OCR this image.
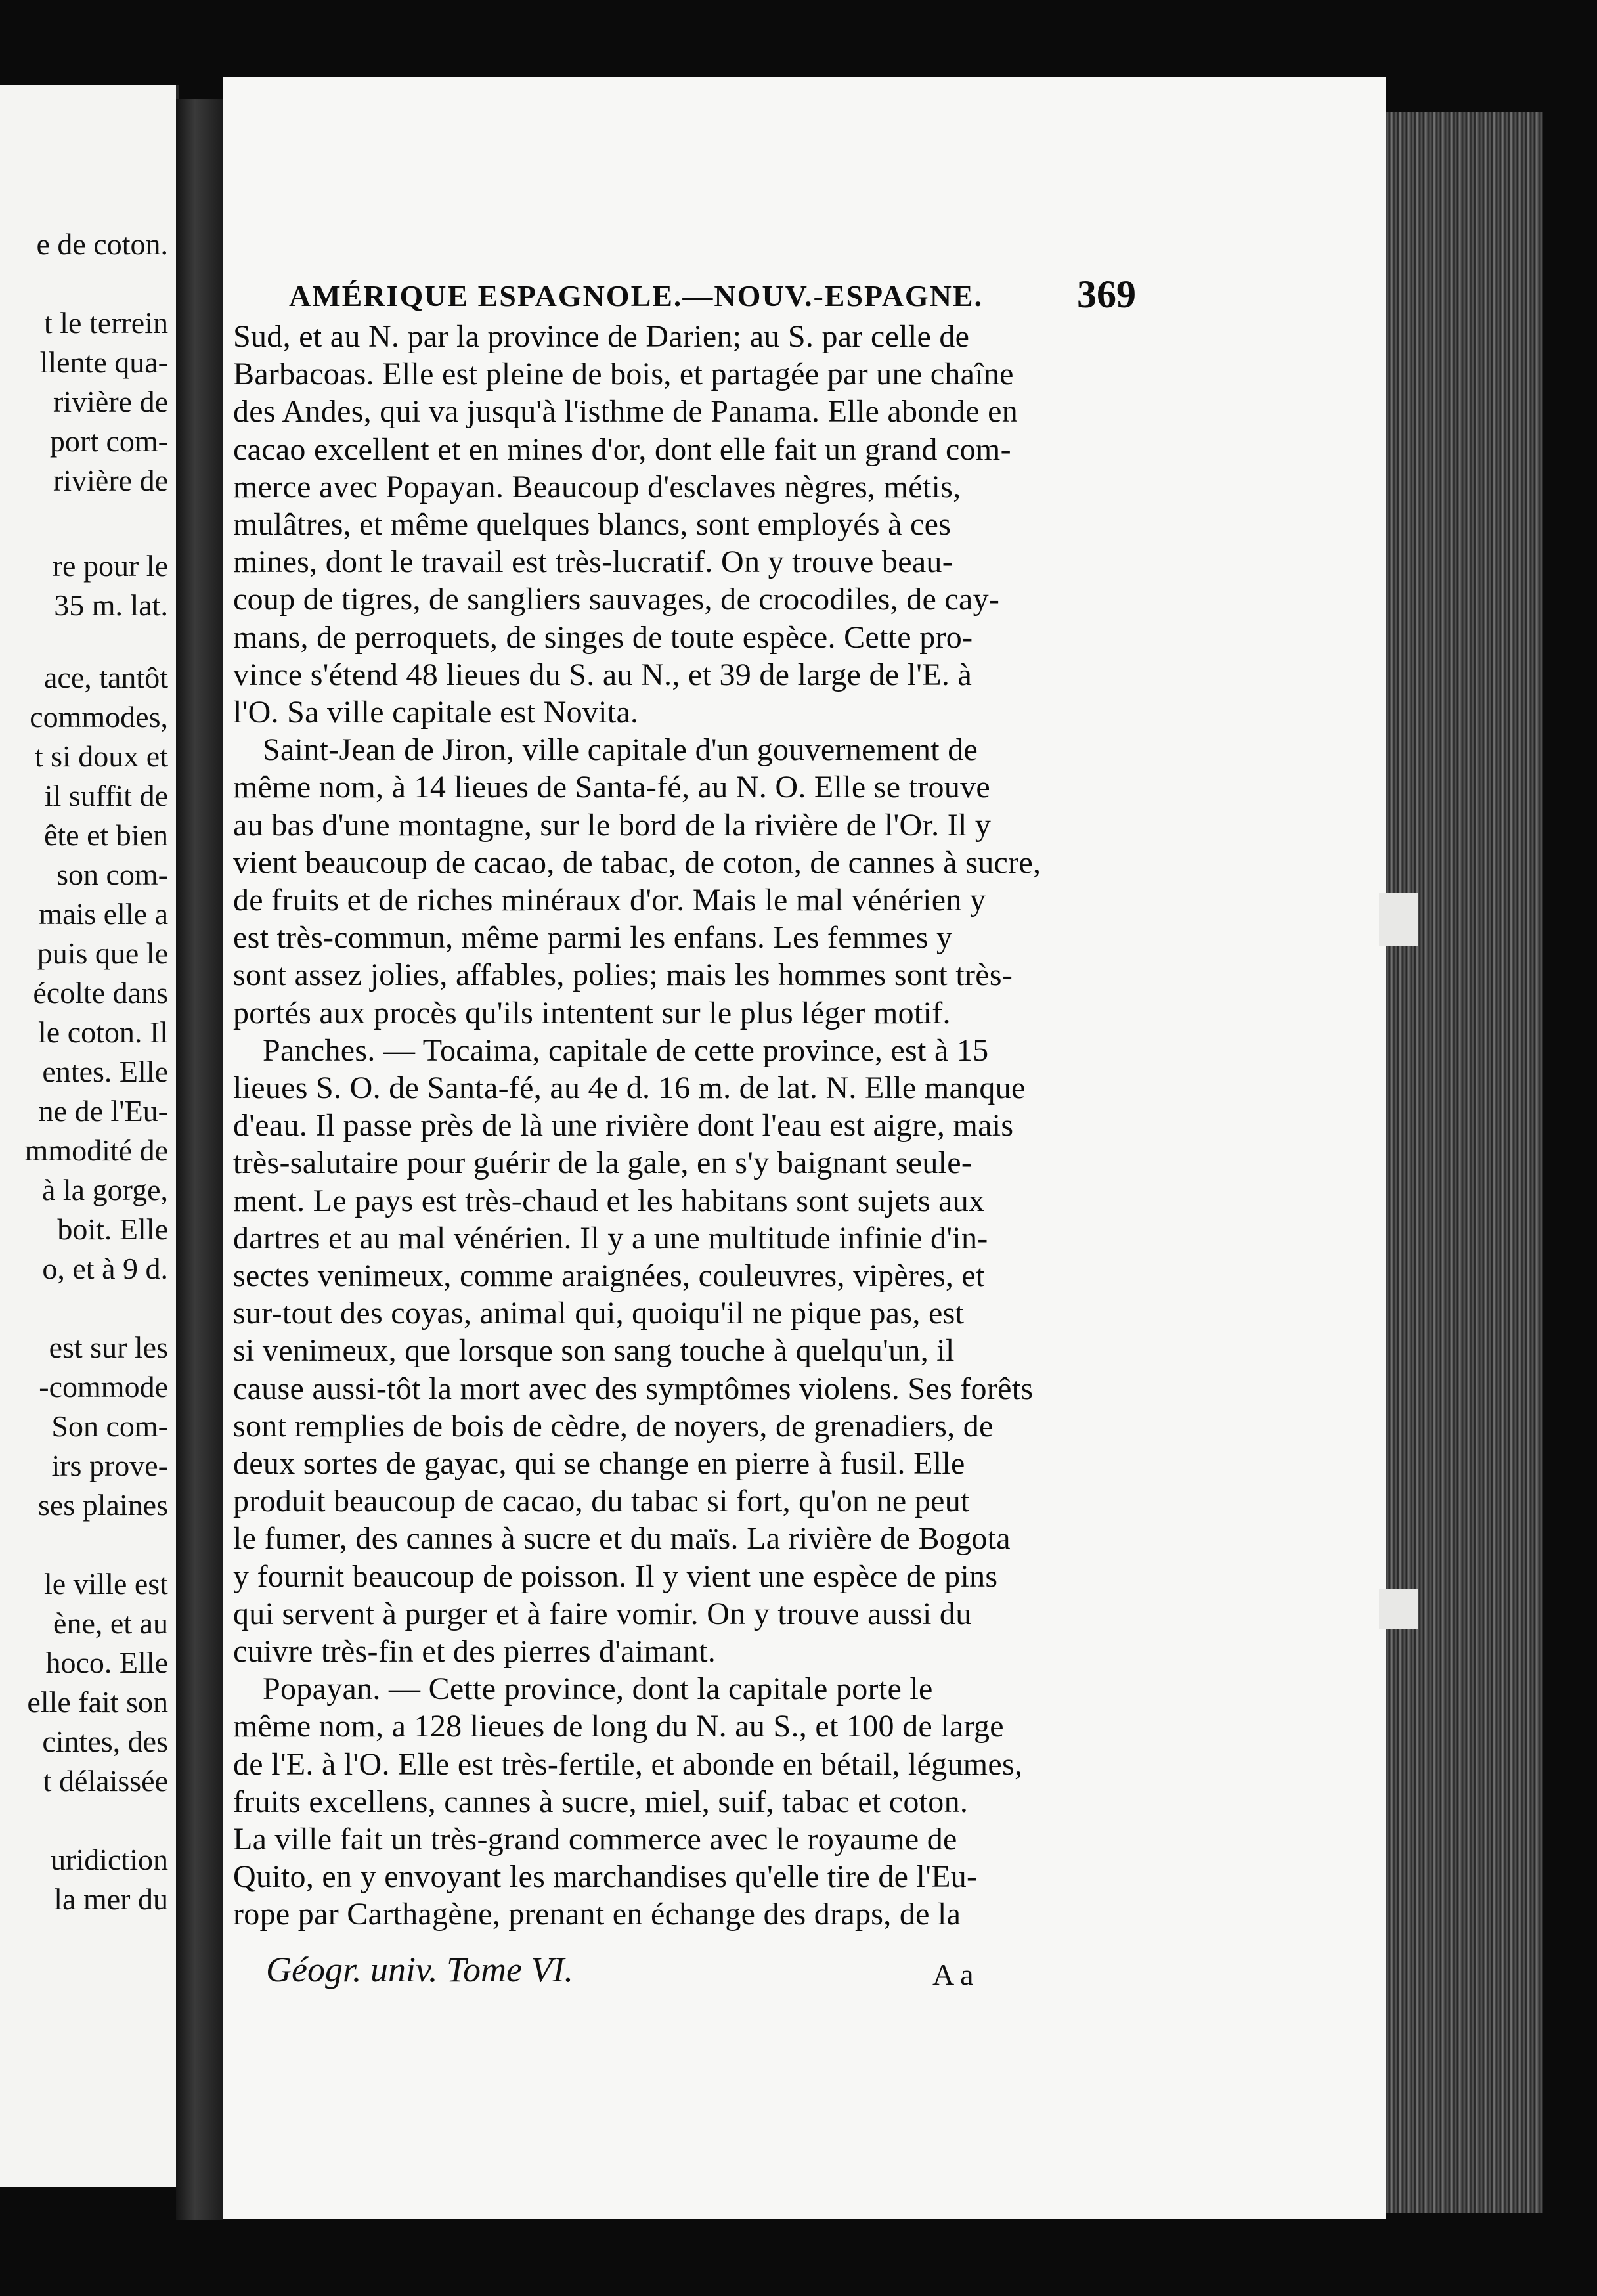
e de coton.
t le terrein
llente qua-
rivière de
port com-
rivière de
re pour le
35 m. lat.
ace, tantôt
commodes,
t si doux et
il suffit de
ête et bien
son com-
mais elle a
puis que le
écolte dans
le coton. Il
entes. Elle
ne de l'Eu-
mmodité de
à la gorge,
boit. Elle
o, et à 9 d.
est sur les
-commode
Son com-
irs prove-
ses plaines
le ville est
ène, et au
hoco. Elle
elle fait son
cintes, des
t délaissée
uridiction
la mer du
AMÉRIQUE ESPAGNOLE.—NOUV.-ESPAGNE. 369
Sud, et au N. par la province de Darien; au S. par celle de
Barbacoas. Elle est pleine de bois, et partagée par une chaîne
des Andes, qui va jusqu'à l'isthme de Panama. Elle abonde en
cacao excellent et en mines d'or, dont elle fait un grand com-
merce avec Popayan. Beaucoup d'esclaves nègres, métis,
mulâtres, et même quelques blancs, sont employés à ces
mines, dont le travail est très-lucratif. On y trouve beau-
coup de tigres, de sangliers sauvages, de crocodiles, de cay-
mans, de perroquets, de singes de toute espèce. Cette pro-
vince s'étend 48 lieues du S. au N., et 39 de large de l'E. à
l'O. Sa ville capitale est Novita.
Saint-Jean de Jiron, ville capitale d'un gouvernement de
même nom, à 14 lieues de Santa-fé, au N. O. Elle se trouve
au bas d'une montagne, sur le bord de la rivière de l'Or. Il y
vient beaucoup de cacao, de tabac, de coton, de cannes à sucre,
de fruits et de riches minéraux d'or. Mais le mal vénérien y
est très-commun, même parmi les enfans. Les femmes y
sont assez jolies, affables, polies; mais les hommes sont très-
portés aux procès qu'ils intentent sur le plus léger motif.
Panches. — Tocaima, capitale de cette province, est à 15
lieues S. O. de Santa-fé, au 4e d. 16 m. de lat. N. Elle manque
d'eau. Il passe près de là une rivière dont l'eau est aigre, mais
très-salutaire pour guérir de la gale, en s'y baignant seule-
ment. Le pays est très-chaud et les habitans sont sujets aux
dartres et au mal vénérien. Il y a une multitude infinie d'in-
sectes venimeux, comme araignées, couleuvres, vipères, et
sur-tout des coyas, animal qui, quoiqu'il ne pique pas, est
si venimeux, que lorsque son sang touche à quelqu'un, il
cause aussi-tôt la mort avec des symptômes violens. Ses forêts
sont remplies de bois de cèdre, de noyers, de grenadiers, de
deux sortes de gayac, qui se change en pierre à fusil. Elle
produit beaucoup de cacao, du tabac si fort, qu'on ne peut
le fumer, des cannes à sucre et du maïs. La rivière de Bogota
y fournit beaucoup de poisson. Il y vient une espèce de pins
qui servent à purger et à faire vomir. On y trouve aussi du
cuivre très-fin et des pierres d'aimant.
Popayan. — Cette province, dont la capitale porte le
même nom, a 128 lieues de long du N. au S., et 100 de large
de l'E. à l'O. Elle est très-fertile, et abonde en bétail, légumes,
fruits excellens, cannes à sucre, miel, suif, tabac et coton.
La ville fait un très-grand commerce avec le royaume de
Quito, en y envoyant les marchandises qu'elle tire de l'Eu-
rope par Carthagène, prenant en échange des draps, de la
Géogr. univ. Tome VI.	A a
